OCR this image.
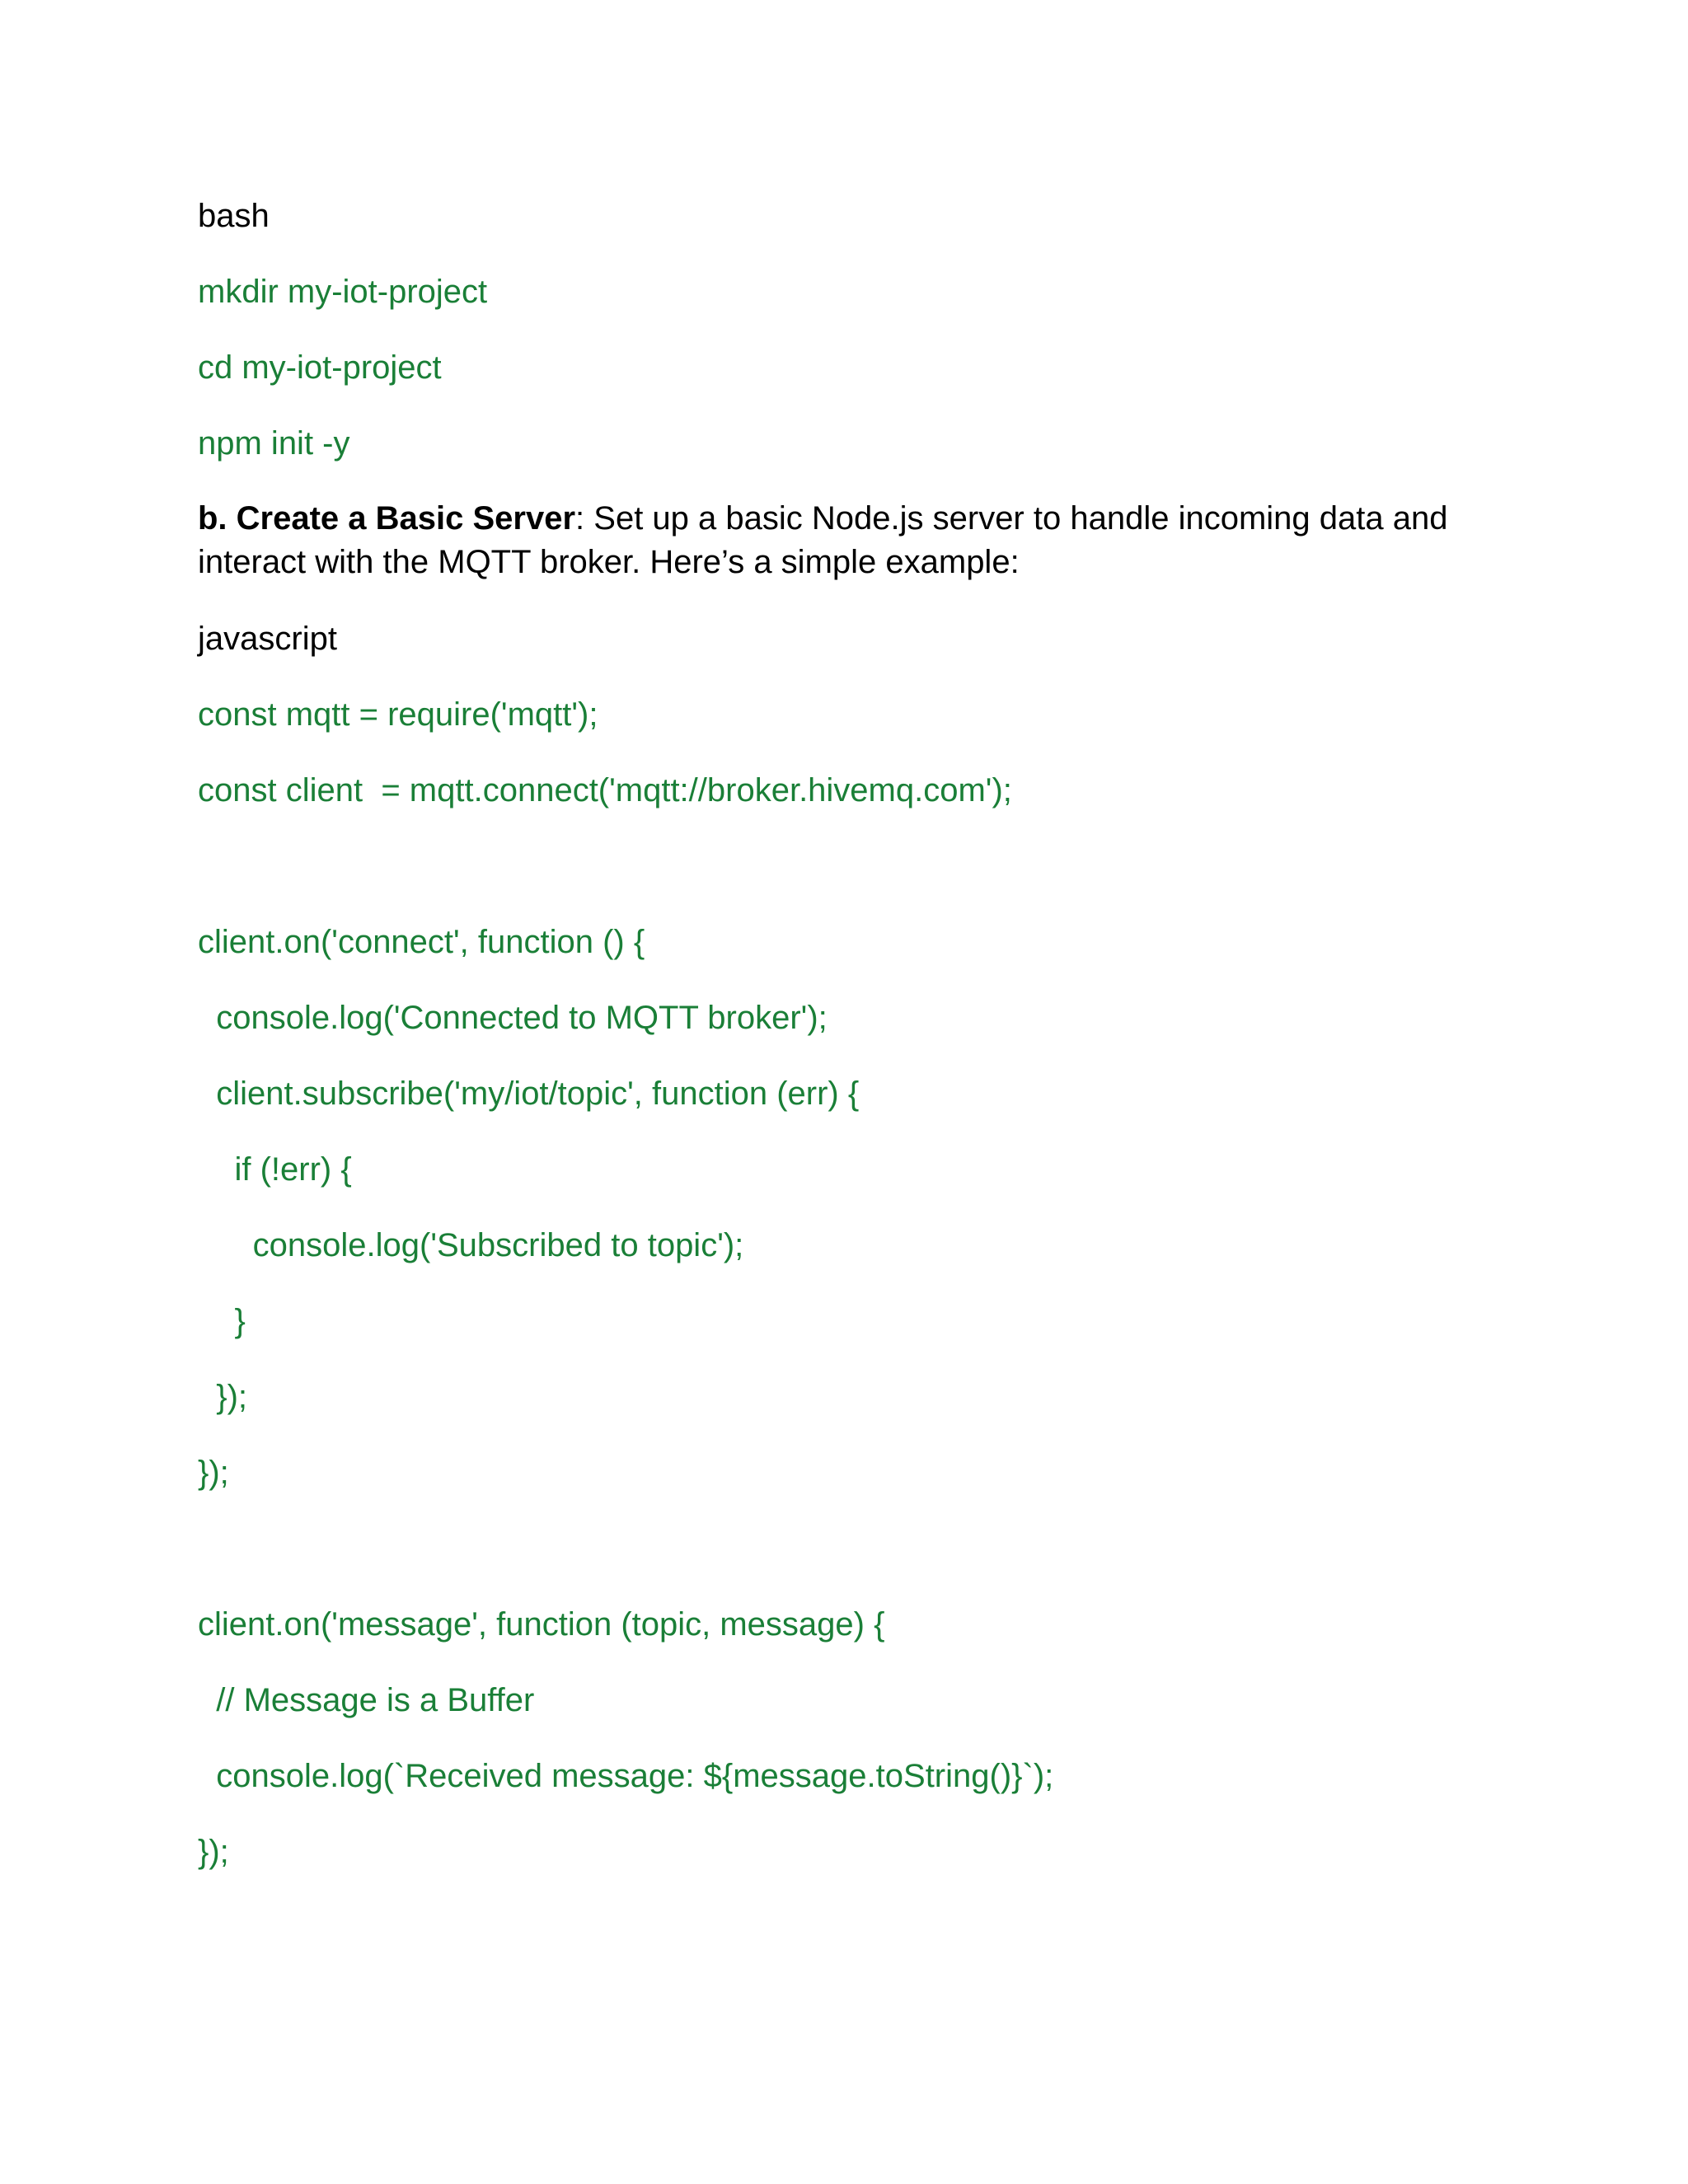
bash
mkdir my-iot-project
cd my-iot-project
npm init -y
b. Create a Basic Server: Set up a basic Node.js server to handle incoming data and interact with the MQTT broker. Here’s a simple example:
javascript
const mqtt = require('mqtt');
const client  = mqtt.connect('mqtt://broker.hivemq.com');
client.on('connect', function () {
console.log('Connected to MQTT broker');
client.subscribe('my/iot/topic', function (err) {
if (!err) {
console.log('Subscribed to topic');
}
});
});
client.on('message', function (topic, message) {
// Message is a Buffer
console.log(`Received message: ${message.toString()}`);
});
